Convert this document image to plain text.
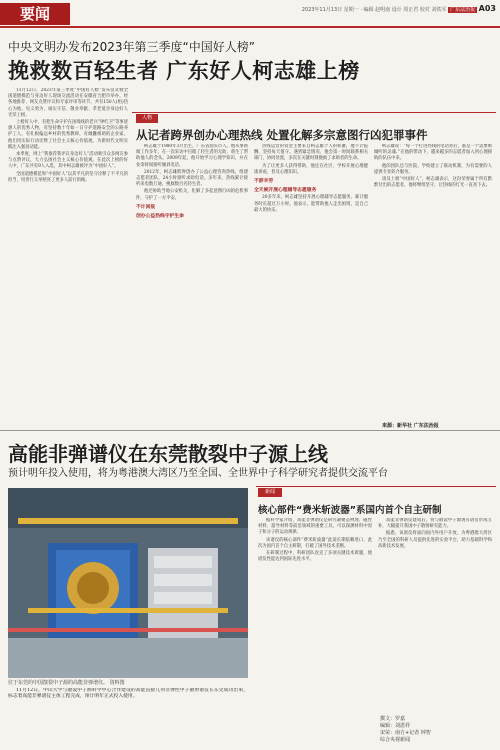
要闻	2023年11月13日 星期一 · 编辑 赵明南 设计 周正君 校对 刘铁军 广东法治报 A03
中央文明办发布2023年第三季度“中国好人榜”
挽救数百轻生者 广东好人柯志雄上榜

11月12日，2023年第三季度“中国好人榜”发布仪式暨全国道德模范与身边好人现场交流活动在安徽省合肥市举办。经各地推荐、网友点赞评议和专家评审等环节，共有150人(组)热心为他、见义勇为、诚实守信、敬业奉献、孝老爱亲身边好人光荣上榜。

上榜好人中，有把生命守护在国境线的老兵“钟红卫”等事迹感人的优秀人物，有坚持数十年如一日守护道路安全的公路养护工人，有扎根偏远乡村的优秀教师，有倾囊相助的企业家，他们用实际行动诠释了社会主义核心价值观，为新时代文明实践注入强劲动能。

本季度，网上“我推荐我评议身边好人”活动吸引众多网友参与点赞评议，大力弘扬社会主义核心价值观。在此次上榜的好人中，广东共有9人入选，其中柯志雄被评为“中国好人”。

全国道德模范和“中国好人”以其平凡的坚守诠释了不平凡的担当，用善行义举照亮了更多人前行的路。

人物
从记者跨界创办心理热线 处置化解多宗意图行凶犯罪事件

柯志雄于1980年3月出生，广东省汕头市人。他从事新闻工作多年，在一次采访中目睹了轻生者的无助，萌生了帮助他人的念头。2009年起，他开始学习心理学知识，并在业余时间接听倾诉电话。

2012年，柯志雄跨界创办了公益心理咨询热线，组建志愿者团队，24小时接听求助电话。多年来，热线累计接听来电数万通，挽救数百名轻生者。

他还协助当地公安机关，化解了多起意图行凶的危机事件，守护了一方平安。

不计回报

创办公益热线守护生命

热线运营的资金主要来自柯志雄个人的积蓄，他不计报酬，坚持每天值守。遇到紧急情况，他会第一时间联系相关部门，协同处置，多次在关键时刻挽救了求助者的生命。

为了让更多人获得帮助，他还在社区、学校开展心理健康讲座，普及心理知识。

不辞辛劳

全天候开展心理辅导志愿服务

20多年来，柯志雄坚持开展心理辅导志愿服务，累计服务时长超过万小时。他表示，能帮助他人走出困境，是自己最大的快乐。

柯志雄说：“每一个打进热线的电话背后，都是一个需要被倾听的灵魂。”在他的带动下，越来越多的志愿者加入到心理援助的队伍中来。

他的团队还与医院、学校建立了联动机制，为有需要的人提供专业转介服务。

谈及上榜“中国好人”，柯志雄表示，这份荣誉属于所有默默付出的志愿者，他将继续坚守，让热线的灯光一直亮下去。

来源：新华社 广东法治报
高能非弹谱仪在东莞散裂中子源上线
预计明年投入使用，将为粤港澳大湾区乃至全国、全世界中子科学研究者提供交流平台
位于东莞的中国散裂中子源的高能非弹谱仪。 资料图

11月12日，中山大学与散裂中子源科学中心合作建设的高能直接几何非弹性中子散射谱仪在东莞成功出束，标志着高能非弹谱仪主体工程完成，预计明年正式投入使用。

新闻
核心部件“费米斩波器”系国内首个自主研制

据科学家介绍，高能非弹谱仪是研究凝聚态物理、磁性材料、超导材料等前沿领域的重要工具，可以探测材料中原子和分子的运动规律。

该谱仪的核心部件“费米斩波器”此前长期依赖进口，此次为国内首个自主研制，打破了国外技术垄断。

在研制过程中，科研团队攻克了多项关键技术难题，使谱仪性能达到国际先进水平。

高能非弹谱仪建成后，将与散裂中子源现有谱仪形成互补，大幅提升我国中子散射研究能力。

据悉，该谱仪将面向国内外用户开放，为粤港澳大湾区乃至全国的科研人员提供先进的实验平台，助力基础科学和高新技术发展。

撰文：罗嘉
编辑：刘恩祥
宋荣：南方+记者 钟智
综合央视新闻
